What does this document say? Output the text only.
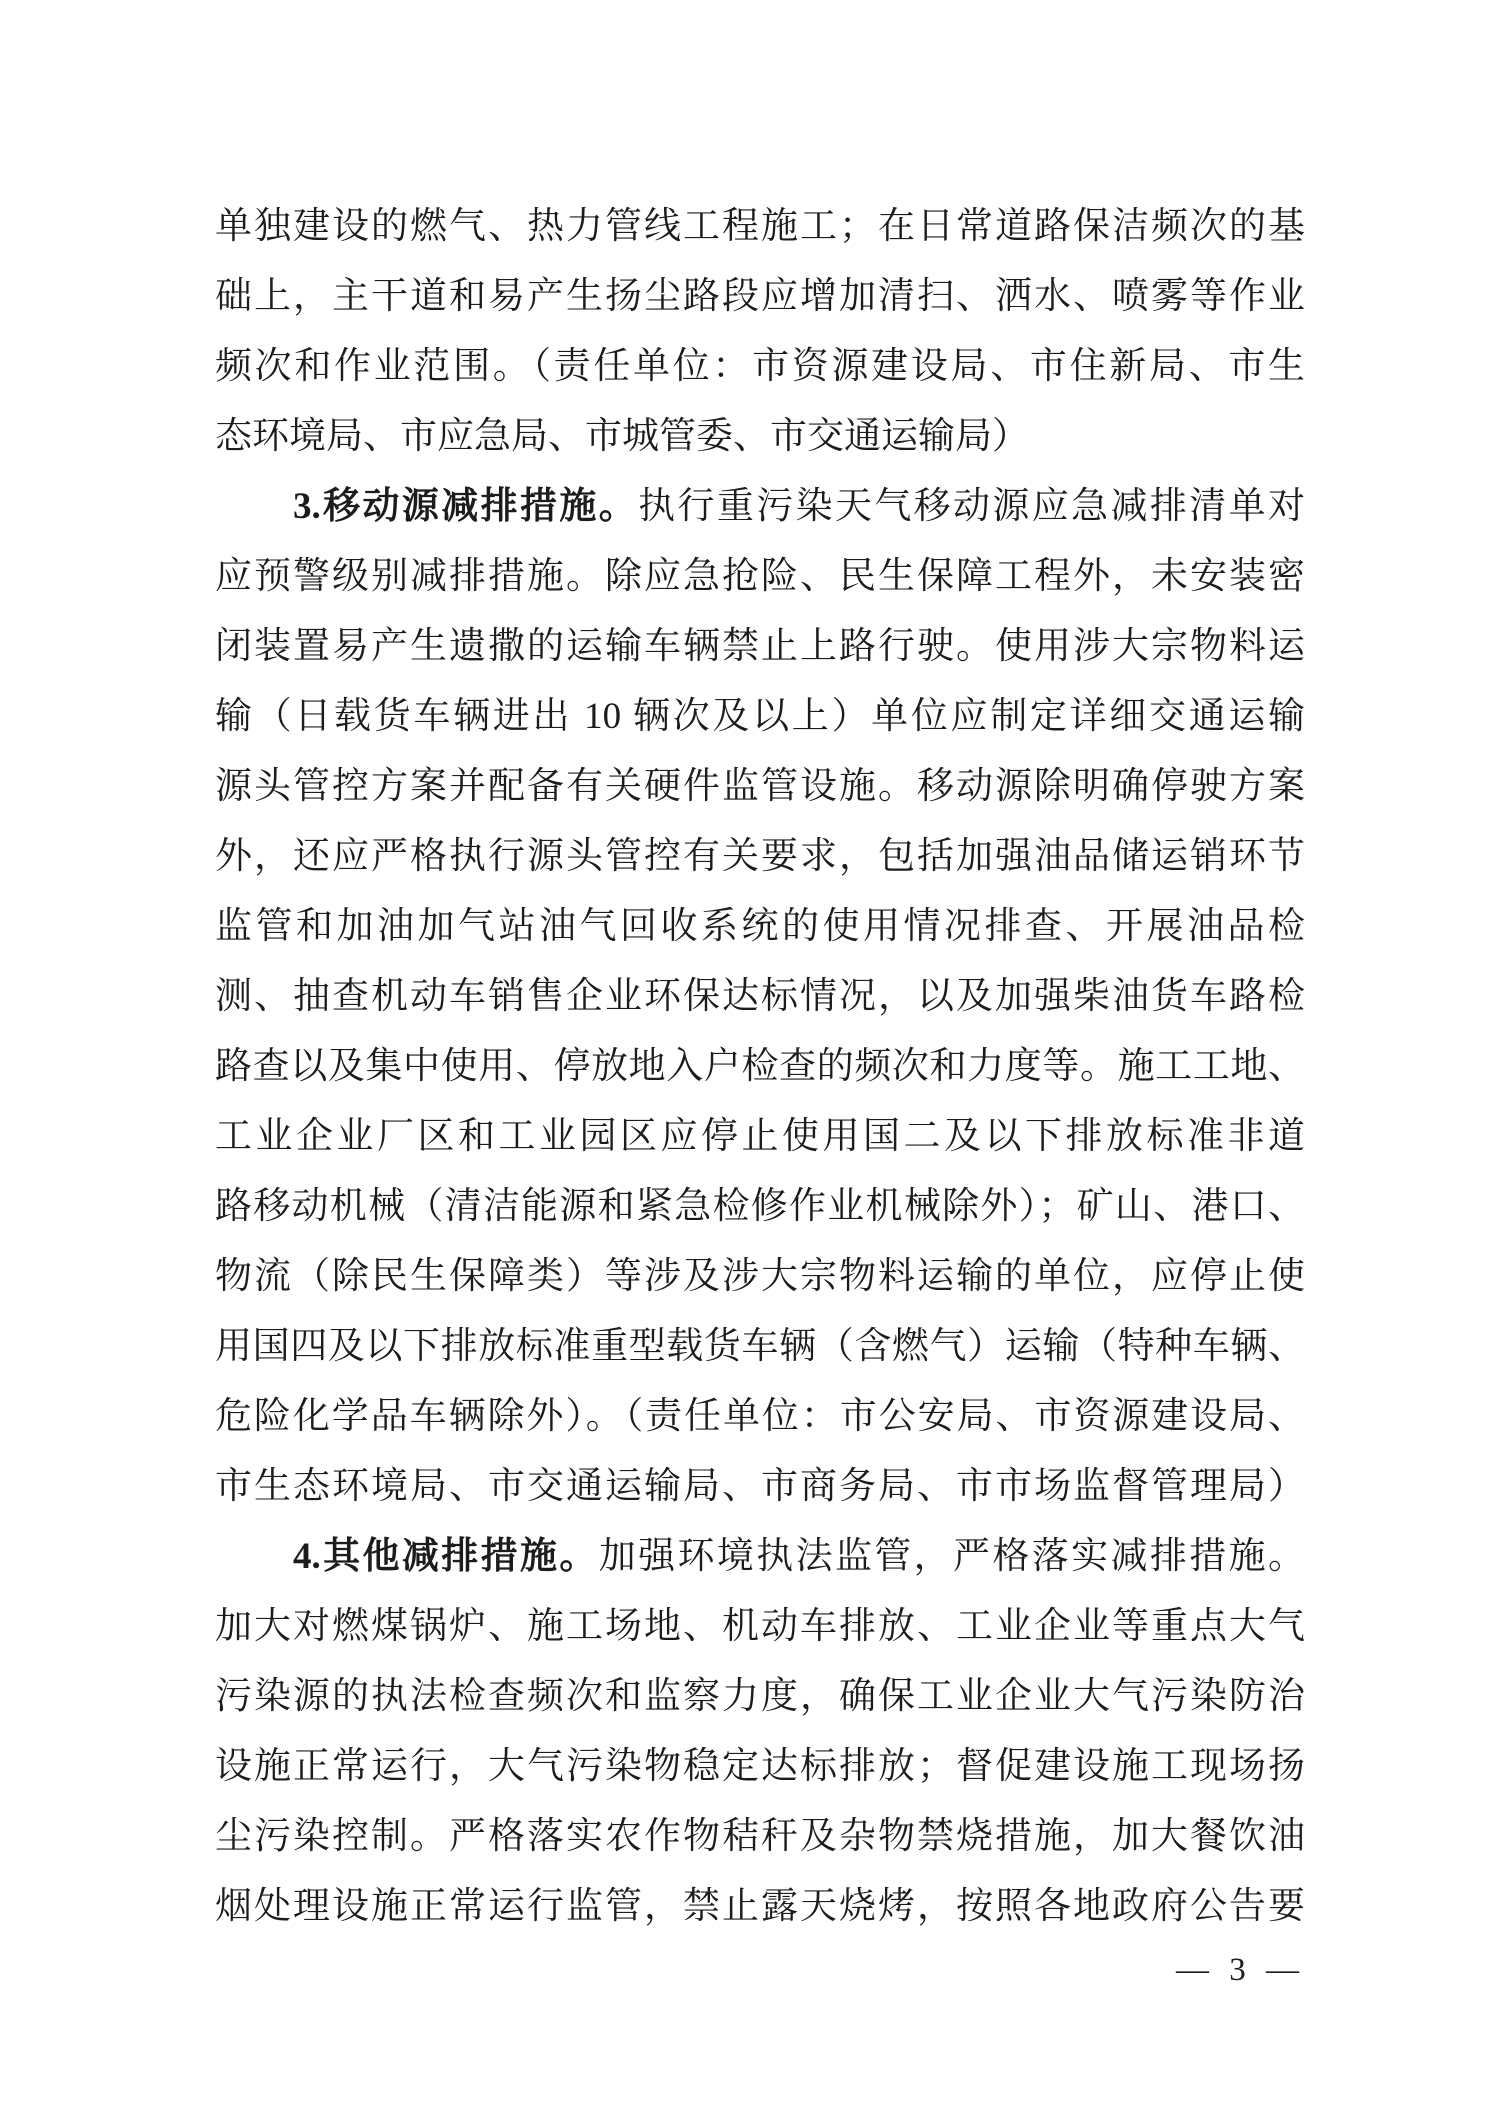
单独建设的燃气、热力管线工程施工；在日常道路保洁频次的基
础上，主干道和易产生扬尘路段应增加清扫、洒水、喷雾等作业
频次和作业范围。（责任单位：市资源建设局、市住新局、市生
态环境局、市应急局、市城管委、市交通运输局）
3.移动源减排措施。执行重污染天气移动源应急减排清单对
应预警级别减排措施。除应急抢险、民生保障工程外，未安装密
闭装置易产生遗撒的运输车辆禁止上路行驶。使用涉大宗物料运
输（日载货车辆进出 10 辆次及以上）单位应制定详细交通运输
源头管控方案并配备有关硬件监管设施。移动源除明确停驶方案
外，还应严格执行源头管控有关要求，包括加强油品储运销环节
监管和加油加气站油气回收系统的使用情况排查、开展油品检
测、抽查机动车销售企业环保达标情况，以及加强柴油货车路检
路查以及集中使用、停放地入户检查的频次和力度等。施工工地、
工业企业厂区和工业园区应停止使用国二及以下排放标准非道
路移动机械（清洁能源和紧急检修作业机械除外）；矿山、港口、
物流（除民生保障类）等涉及涉大宗物料运输的单位，应停止使
用国四及以下排放标准重型载货车辆（含燃气）运输（特种车辆、
危险化学品车辆除外）。（责任单位：市公安局、市资源建设局、
市生态环境局、市交通运输局、市商务局、市市场监督管理局）
4.其他减排措施。加强环境执法监管，严格落实减排措施。
加大对燃煤锅炉、施工场地、机动车排放、工业企业等重点大气
污染源的执法检查频次和监察力度，确保工业企业大气污染防治
设施正常运行，大气污染物稳定达标排放；督促建设施工现场扬
尘污染控制。严格落实农作物秸秆及杂物禁烧措施，加大餐饮油
烟处理设施正常运行监管，禁止露天烧烤，按照各地政府公告要
— 3 —
